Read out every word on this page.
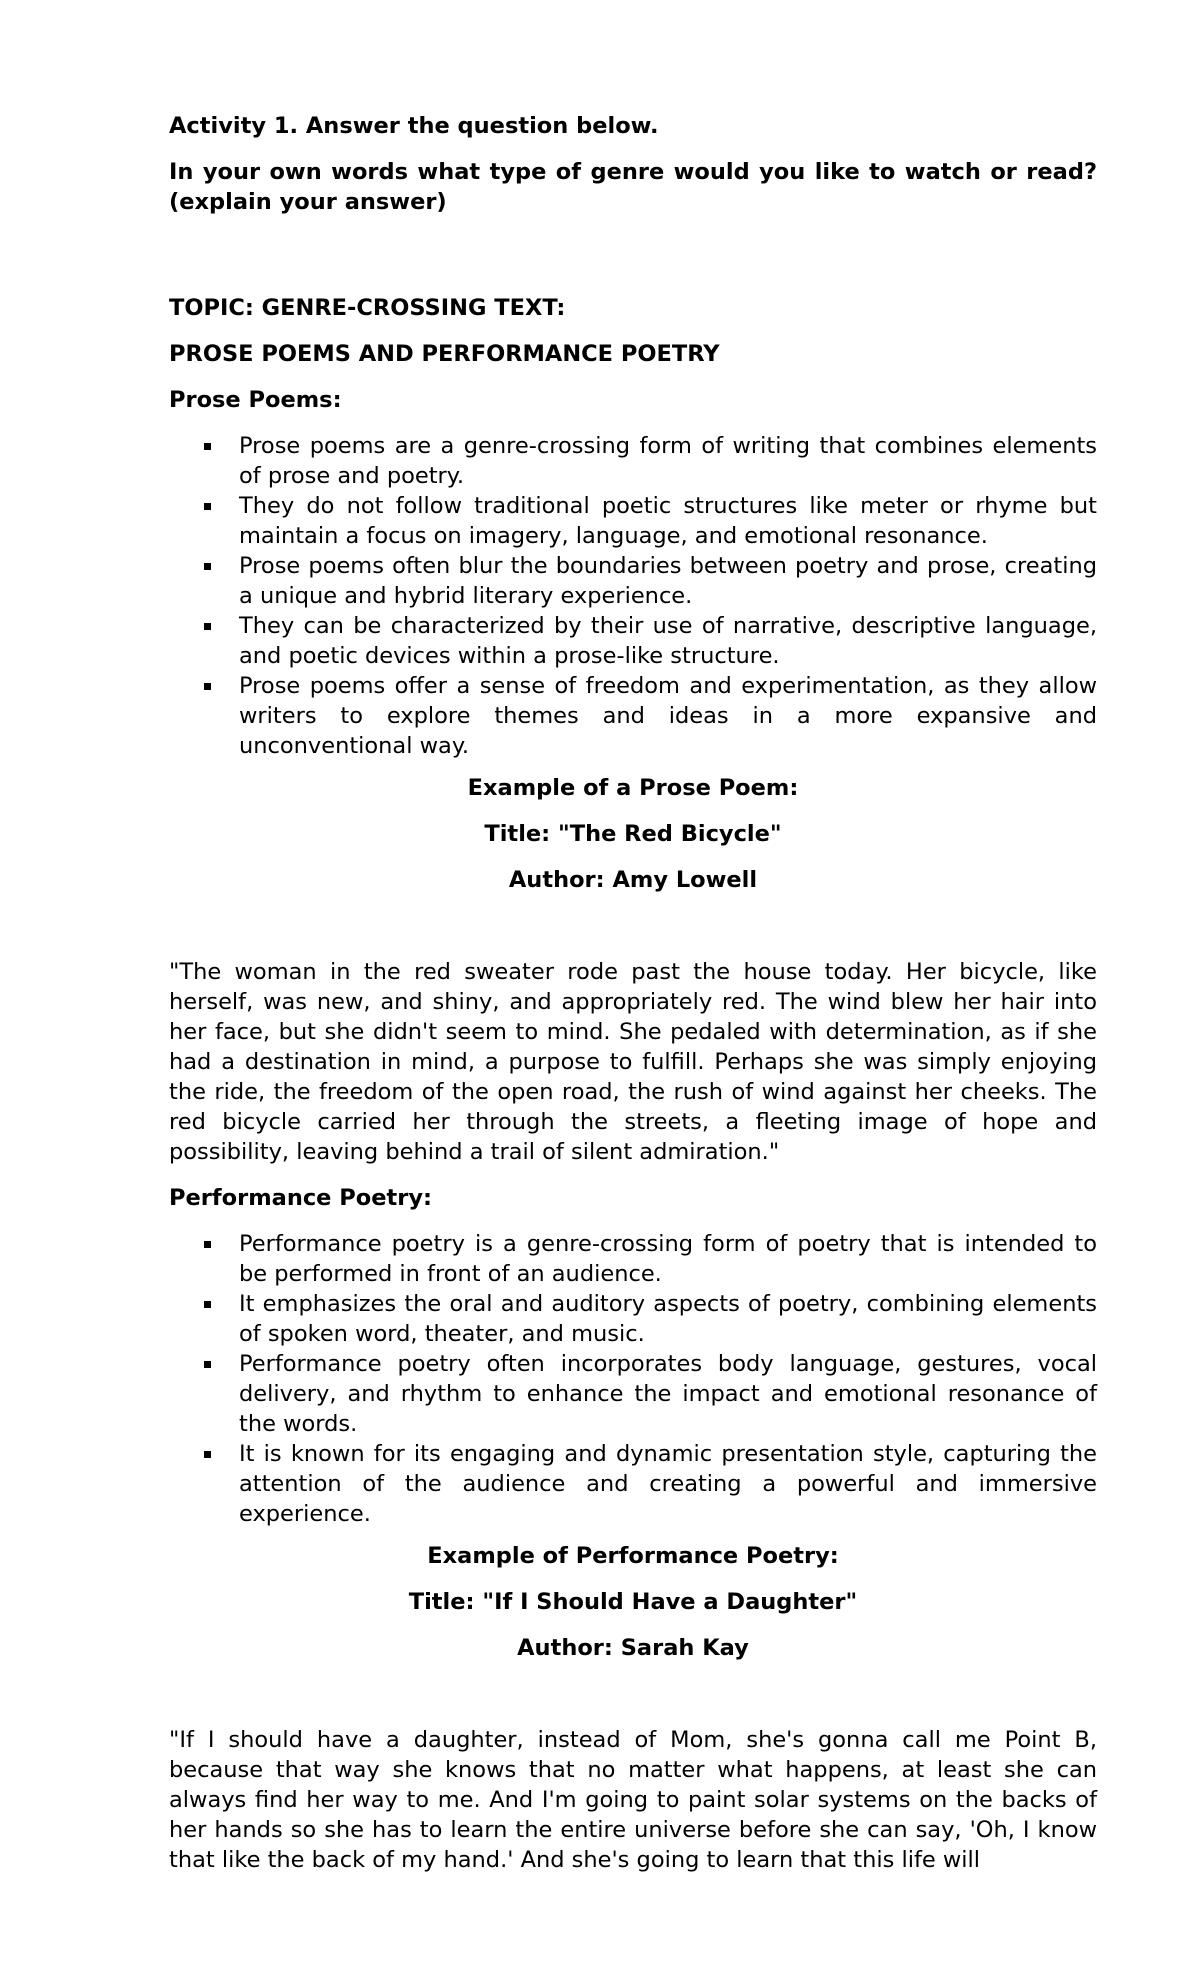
Activity 1. Answer the question below.

In your own words what type of genre would you like to watch or read?(explain your answer)

TOPIC: GENRE-CROSSING TEXT:

PROSE POEMS AND PERFORMANCE POETRY

Prose Poems:

Prose poems are a genre-crossing form of writing that combines elements of prose and poetry.
They do not follow traditional poetic structures like meter or rhyme but maintain a focus on imagery, language, and emotional resonance.
Prose poems often blur the boundaries between poetry and prose, creating a unique and hybrid literary experience.
They can be characterized by their use of narrative, descriptive language, and poetic devices within a prose-like structure.
Prose poems offer a sense of freedom and experimentation, as they allow writers to explore themes and ideas in a more expansive and unconventional way.

Example of a Prose Poem:

Title: "The Red Bicycle"

Author: Amy Lowell

"The woman in the red sweater rode past the house today. Her bicycle, like herself, was new, and shiny, and appropriately red. The wind blew her hair into her face, but she didn't seem to mind. She pedaled with determination, as if she had a destination in mind, a purpose to fulfill. Perhaps she was simply enjoying the ride, the freedom of the open road, the rush of wind against her cheeks. The red bicycle carried her through the streets, a fleeting image of hope and possibility, leaving behind a trail of silent admiration."

Performance Poetry:

Performance poetry is a genre-crossing form of poetry that is intended to be performed in front of an audience.
It emphasizes the oral and auditory aspects of poetry, combining elements of spoken word, theater, and music.
Performance poetry often incorporates body language, gestures, vocal delivery, and rhythm to enhance the impact and emotional resonance of the words.
It is known for its engaging and dynamic presentation style, capturing the attention of the audience and creating a powerful and immersive experience.

Example of Performance Poetry:

Title: "If I Should Have a Daughter"

Author: Sarah Kay

"If I should have a daughter, instead of Mom, she's gonna call me Point B, because that way she knows that no matter what happens, at least she can always find her way to me. And I'm going to paint solar systems on the backs of her hands so she has to learn the entire universe before she can say, 'Oh, I know that like the back of my hand.' And she's going to learn that this life will
